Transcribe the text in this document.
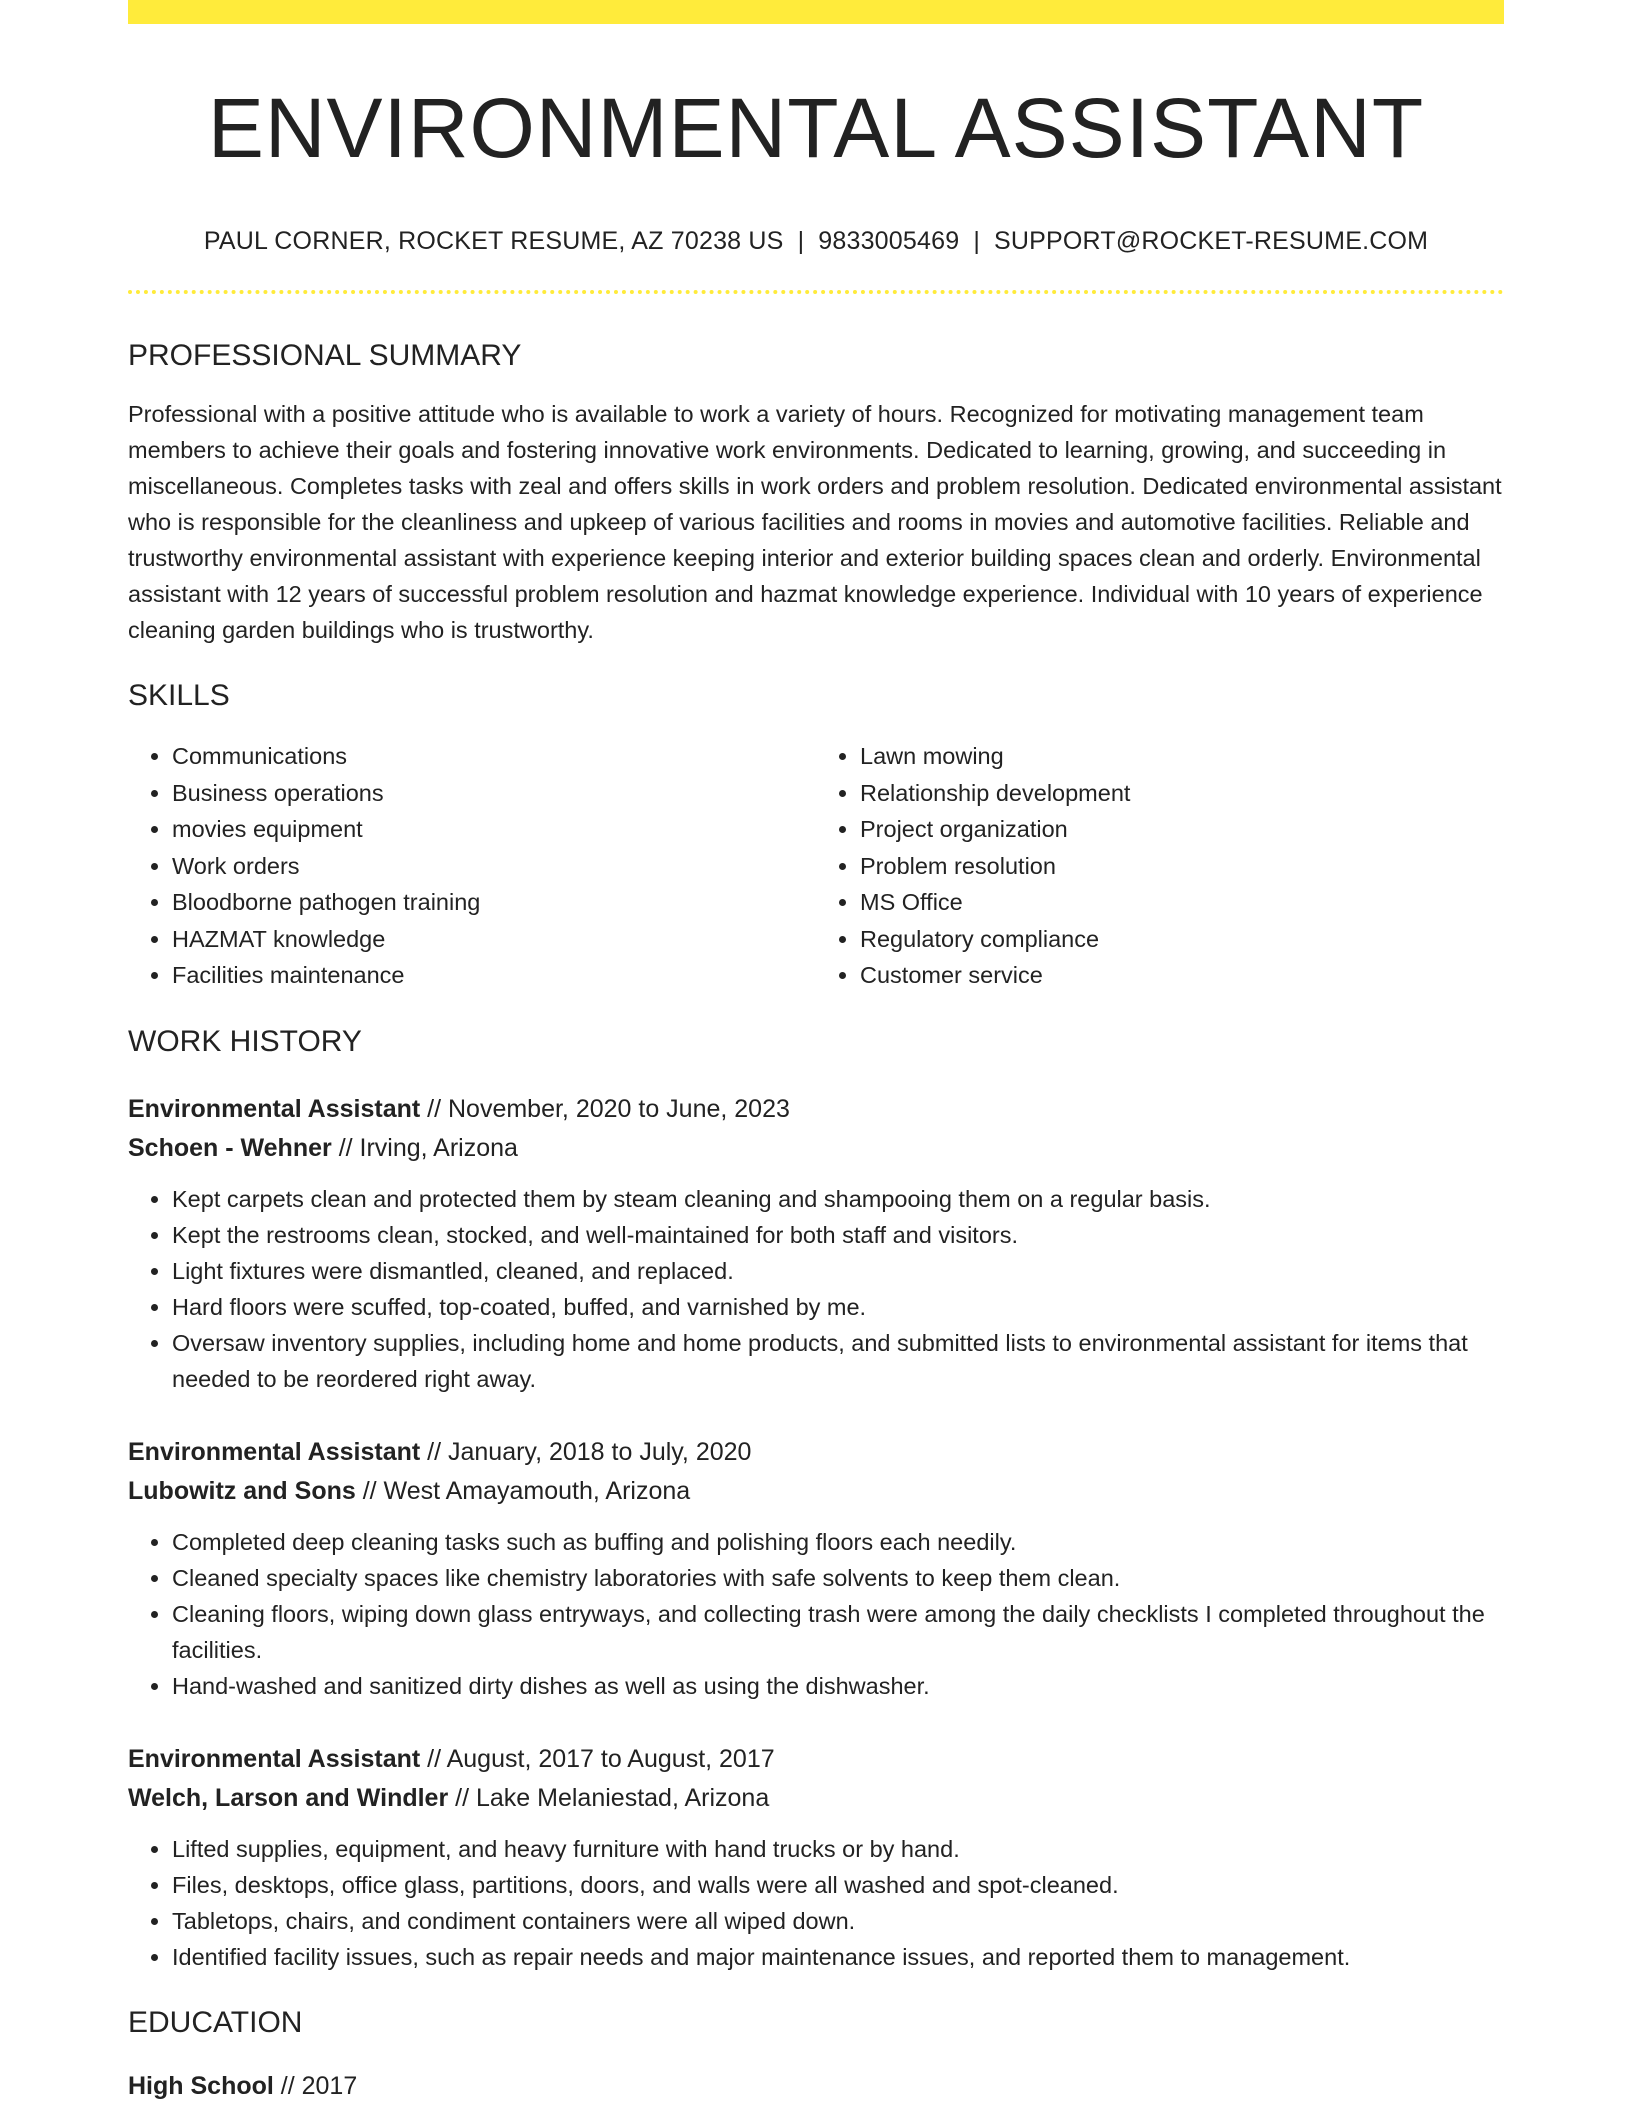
ENVIRONMENTAL ASSISTANT
PAUL CORNER, ROCKET RESUME, AZ 70238 US | 9833005469 | SUPPORT@ROCKET-RESUME.COM
PROFESSIONAL SUMMARY

Professional with a positive attitude who is available to work a variety of hours. Recognized for motivating management team members to achieve their goals and fostering innovative work environments. Dedicated to learning, growing, and succeeding in miscellaneous. Completes tasks with zeal and offers skills in work orders and problem resolution. Dedicated environmental assistant who is responsible for the cleanliness and upkeep of various facilities and rooms in movies and automotive facilities. Reliable and trustworthy environmental assistant with experience keeping interior and exterior building spaces clean and orderly. Environmental assistant with 12 years of successful problem resolution and hazmat knowledge experience. Individual with 10 years of experience cleaning garden buildings who is trustworthy.

SKILLS
• Communications
• Business operations
• movies equipment
• Work orders
• Bloodborne pathogen training
• HAZMAT knowledge
• Facilities maintenance
• Lawn mowing
• Relationship development
• Project organization
• Problem resolution
• MS Office
• Regulatory compliance
• Customer service
WORK HISTORY
Environmental Assistant // November, 2020 to June, 2023
Schoen - Wehner // Irving, Arizona
• Kept carpets clean and protected them by steam cleaning and shampooing them on a regular basis.
• Kept the restrooms clean, stocked, and well-maintained for both staff and visitors.
• Light fixtures were dismantled, cleaned, and replaced.
• Hard floors were scuffed, top-coated, buffed, and varnished by me.
• Oversaw inventory supplies, including home and home products, and submitted lists to environmental assistant for items that needed to be reordered right away.
Environmental Assistant // January, 2018 to July, 2020
Lubowitz and Sons // West Amayamouth, Arizona
• Completed deep cleaning tasks such as buffing and polishing floors each needily.
• Cleaned specialty spaces like chemistry laboratories with safe solvents to keep them clean.
• Cleaning floors, wiping down glass entryways, and collecting trash were among the daily checklists I completed throughout the facilities.
• Hand-washed and sanitized dirty dishes as well as using the dishwasher.
Environmental Assistant // August, 2017 to August, 2017
Welch, Larson and Windler // Lake Melaniestad, Arizona
• Lifted supplies, equipment, and heavy furniture with hand trucks or by hand.
• Files, desktops, office glass, partitions, doors, and walls were all washed and spot-cleaned.
• Tabletops, chairs, and condiment containers were all wiped down.
• Identified facility issues, such as repair needs and major maintenance issues, and reported them to management.
EDUCATION
High School // 2017
